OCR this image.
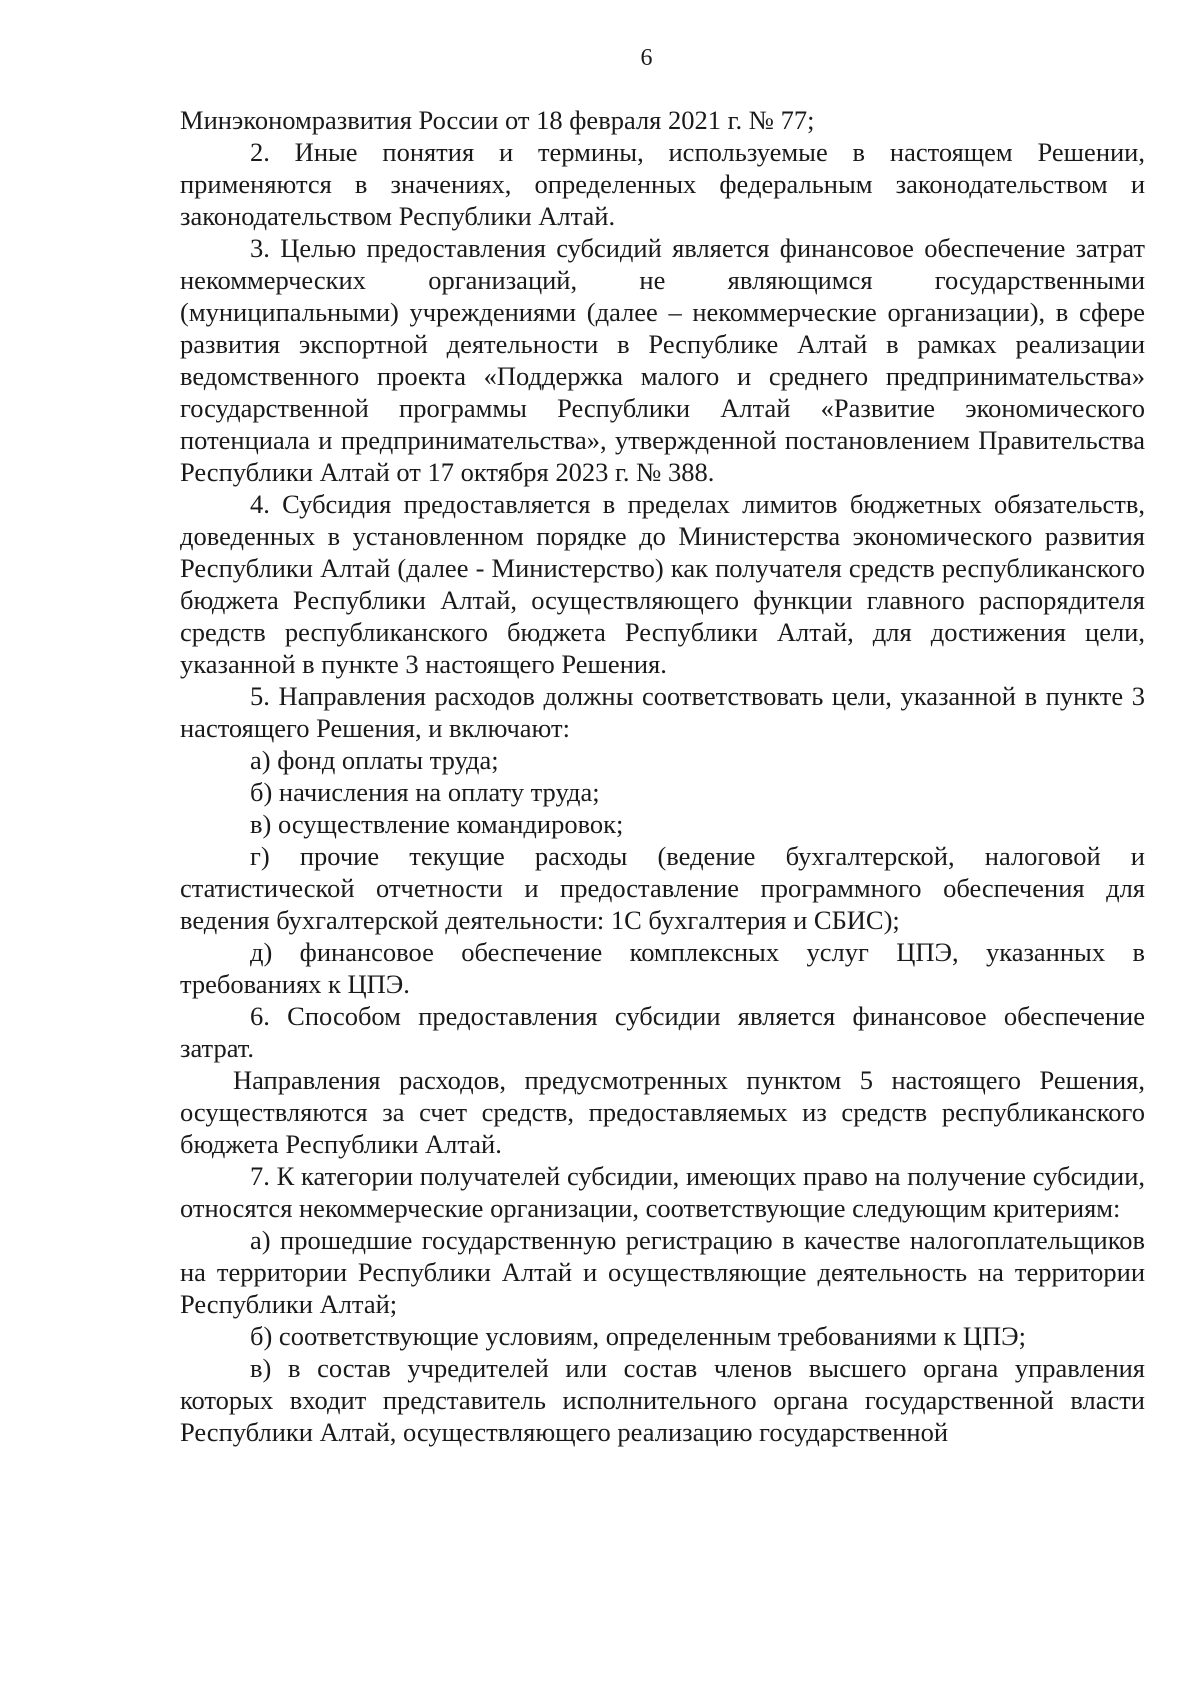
6

Минэкономразвития России от 18 февраля 2021 г. № 77;

2. Иные понятия и термины, используемые в настоящем Решении, применяются в значениях, определенных федеральным законодательством и законодательством Республики Алтай.

3. Целью предоставления субсидий является финансовое обеспечение затрат некоммерческих организаций, не являющимся государственными (муниципальными) учреждениями (далее – некоммерческие организации), в сфере развития экспортной деятельности в Республике Алтай в рамках реализации ведомственного проекта «Поддержка малого и среднего предпринимательства» государственной программы Республики Алтай «Развитие экономического потенциала и предпринимательства», утвержденной постановлением Правительства Республики Алтай от 17 октября 2023 г. № 388.

4. Субсидия предоставляется в пределах лимитов бюджетных обязательств, доведенных в установленном порядке до Министерства экономического развития Республики Алтай (далее - Министерство) как получателя средств республиканского бюджета Республики Алтай, осуществляющего функции главного распорядителя средств республиканского бюджета Республики Алтай, для достижения цели, указанной в пункте 3 настоящего Решения.

5. Направления расходов должны соответствовать цели, указанной в пункте 3 настоящего Решения, и включают:

а) фонд оплаты труда;

б) начисления на оплату труда;

в) осуществление командировок;

г) прочие текущие расходы (ведение бухгалтерской, налоговой и статистической отчетности и предоставление программного обеспечения для ведения бухгалтерской деятельности: 1С бухгалтерия и СБИС);

д) финансовое обеспечение комплексных услуг ЦПЭ, указанных в требованиях к ЦПЭ.

6. Способом предоставления субсидии является финансовое обеспечение затрат.

Направления расходов, предусмотренных пунктом 5 настоящего Решения, осуществляются за счет средств, предоставляемых из средств республиканского бюджета Республики Алтай.

7. К категории получателей субсидии, имеющих право на получение субсидии, относятся некоммерческие организации, соответствующие следующим критериям:

а) прошедшие государственную регистрацию в качестве налогоплательщиков на территории Республики Алтай и осуществляющие деятельность на территории Республики Алтай;

б) соответствующие условиям, определенным требованиями к ЦПЭ;

в) в состав учредителей или состав членов высшего органа управления которых входит представитель исполнительного органа государственной власти Республики Алтай, осуществляющего реализацию государственной
